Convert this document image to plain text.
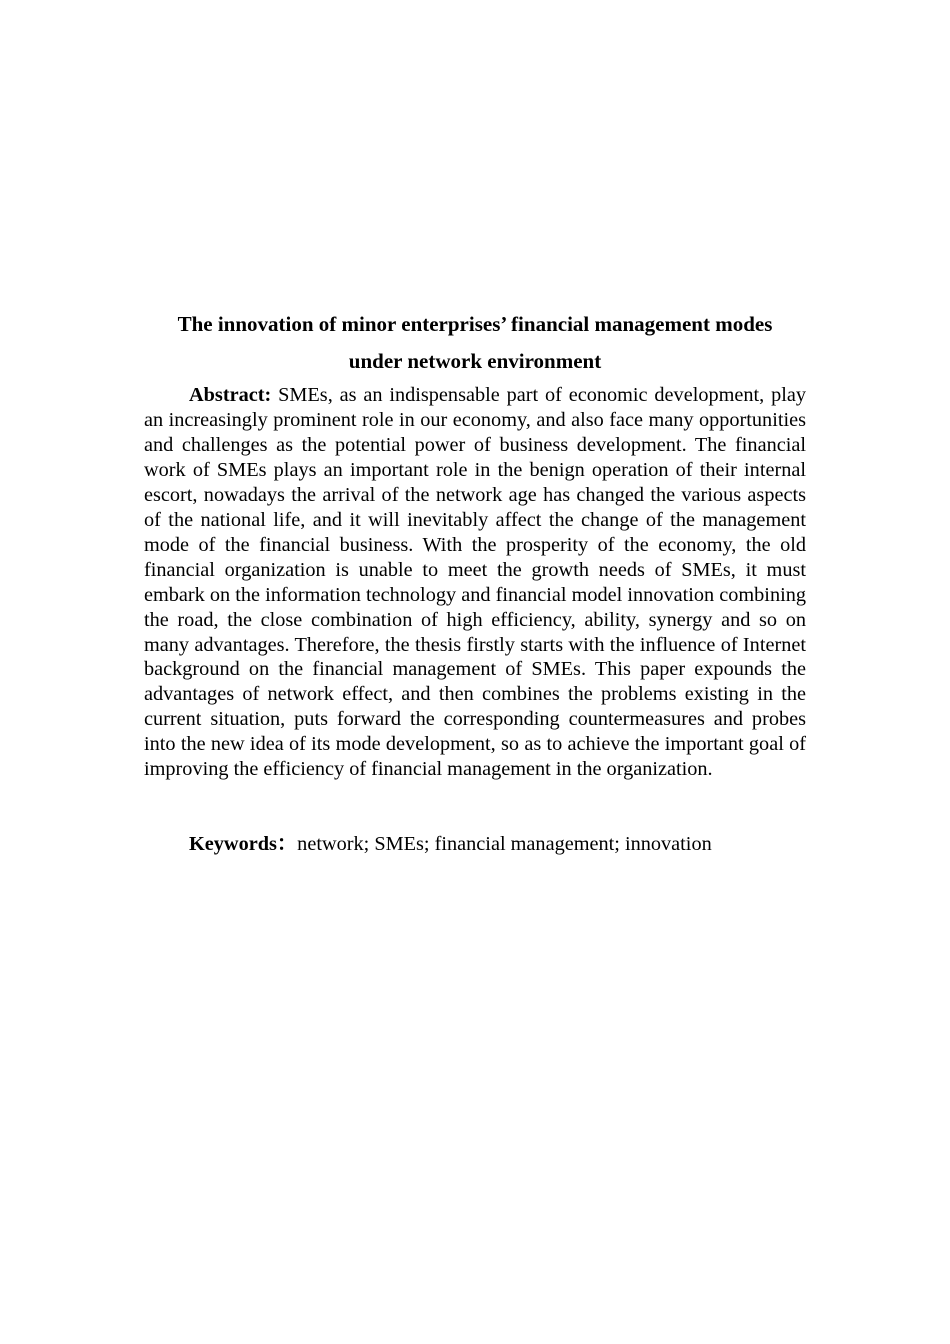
The innovation of minor enterprises’ financial management modes
under network environment

Abstract: SMEs, as an indispensable part of economic development, play an increasingly prominent role in our economy, and also face many opportunities and challenges as the potential power of business development. The financial work of SMEs plays an important role in the benign operation of their internal escort, nowadays the arrival of the network age has changed the various aspects of the national life, and it will inevitably affect the change of the management mode of the financial business. With the prosperity of the economy, the old financial organization is unable to meet the growth needs of SMEs, it must embark on the information technology and financial model innovation combining the road, the close combination of high efficiency, ability, synergy and so on many advantages. Therefore, the thesis firstly starts with the influence of Internet background on the financial management of SMEs. This paper expounds the advantages of network effect, and then combines the problems existing in the current situation, puts forward the corresponding countermeasures and probes into the new idea of its mode development, so as to achieve the important goal of improving the efficiency of financial management in the organization.

Keywords：network; SMEs; financial management; innovation
